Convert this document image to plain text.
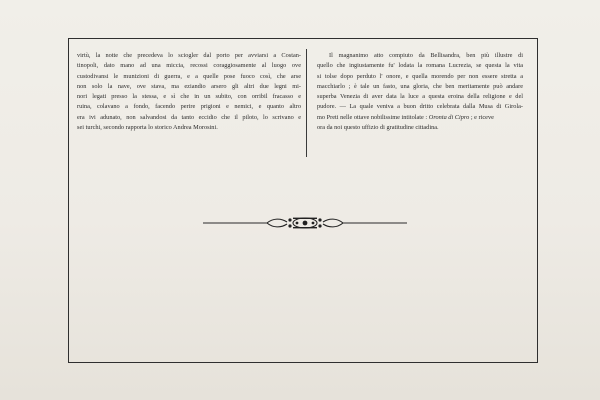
virtù, la notte che precedeva lo sciogler dal porto per avviarsi a Costan-
tinopoli, dato mano ad una miccia, recossi coraggiosamente al luogo ove
custodivansi le munizioni di guerra, e a quelle pose fuoco così, che arse
non solo la nave, ove stava, ma eziandio arsero gli altri due legni mi-
nori legati presso la stessa, e sì che in un subito, con orribil fracasso e
ruina, colavano a fondo, facendo perire prigioni e nemici, e quanto altro
era ivi adunato, non salvandosi da tanto eccidio che il piloto, lo scrivano e
sei turchi, secondo rapporta lo storico Andrea Morosini.
Il magnanimo atto compiuto da Bellisandra, ben più illustre di
quello che ingiustamente fu' lodata la romana Lucrezia, se questa la vita
si tolse dopo perduto l' onore, e quella morendo per non essere stretta a
macchiarlo ; è tale un fasto, una gloria, che ben meritamente può andare
superba Venezia di aver data la luce a questa eroina della religione e del
pudore. — La quale veniva a buon dritto celebrata dalla Musa di Girola-
mo Preti nelle ottave nobilissime intitolate : Oronta di Cipro ; e riceve
ora da noi questo uffizio di gratitudine cittadina.
